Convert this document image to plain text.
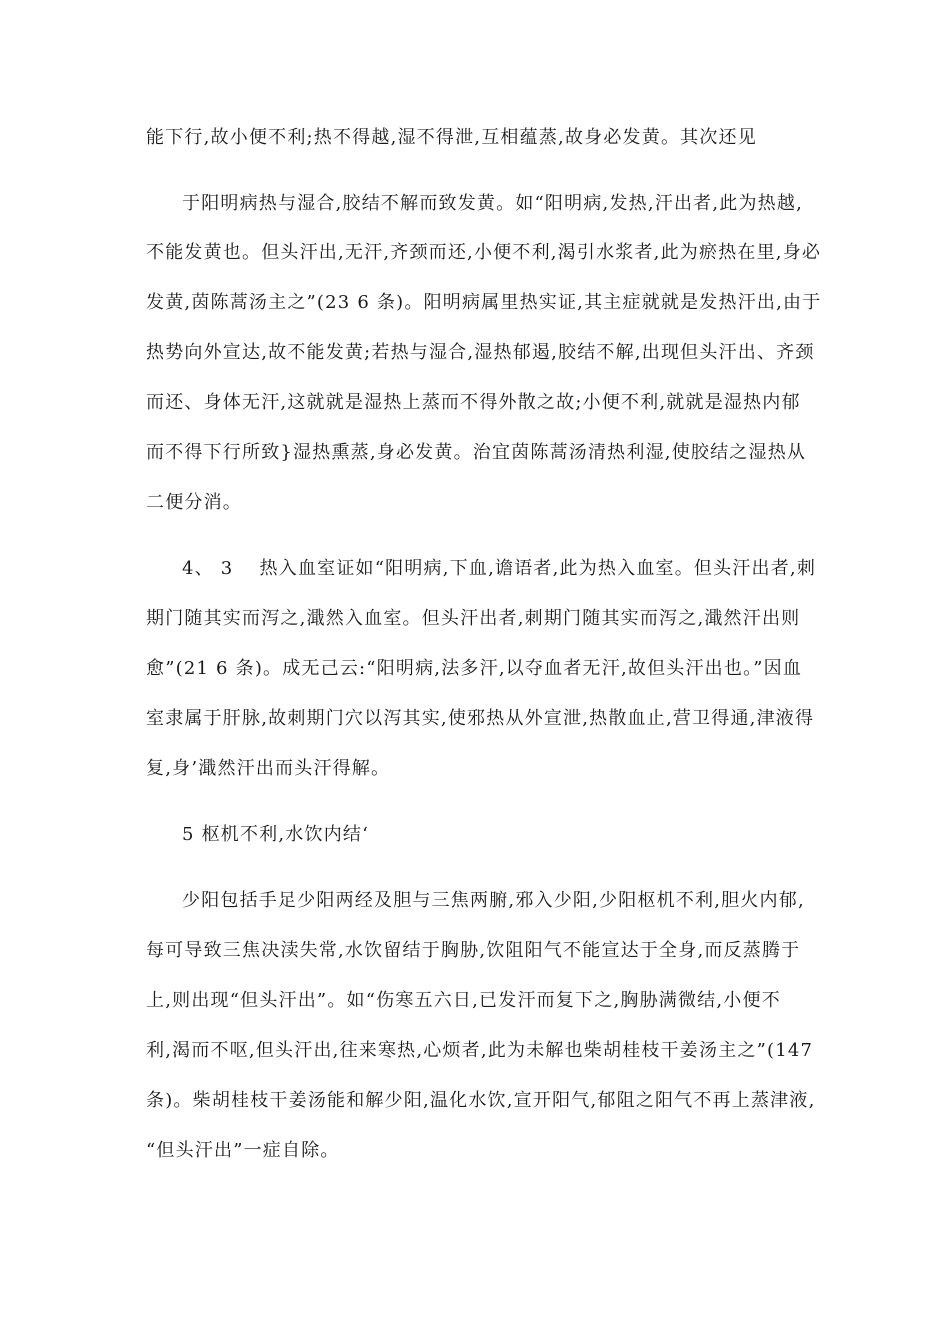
能下行,故小便不利;热不得越,湿不得泄,互相蕴蒸,故身必发黄。其次还见
于阳明病热与湿合,胶结不解而致发黄。如“阳明病,发热,汗出者,此为热越,
不能发黄也。但头汗出,无汗,齐颈而还,小便不利,渴引水浆者,此为瘀热在里,身必
发黄,茵陈蒿汤主之”(23 6 条)。阳明病属里热实证,其主症就就是发热汗出,由于
热势向外宣达,故不能发黄;若热与湿合,湿热郁遏,胶结不解,出现但头汗出、齐颈
而还、身体无汗,这就就是湿热上蒸而不得外散之故;小便不利,就就是湿热内郁
而不得下行所致}湿热熏蒸,身必发黄。治宜茵陈蒿汤清热利湿,使胶结之湿热从
二便分消。
4、 3　 热入血室证如“阳明病,下血,谵语者,此为热入血室。但头汗出者,刺
期门随其实而泻之,濈然入血室。但头汗出者,刺期门随其实而泻之,濈然汗出则
愈”(21 6 条)。成无己云:“阳明病,法多汗,以夺血者无汗,故但头汗出也。”因血
室隶属于肝脉,故刺期门穴以泻其实,使邪热从外宣泄,热散血止,营卫得通,津液得
复,身’濈然汗出而头汗得解。
5 枢机不利,水饮内结‘
少阳包括手足少阳两经及胆与三焦两腑,邪入少阳,少阳枢机不利,胆火内郁,
每可导致三焦决渎失常,水饮留结于胸胁,饮阻阳气不能宣达于全身,而反蒸腾于
上,则出现“但头汗出”。如“伤寒五六日,已发汗而复下之,胸胁满微结,小便不
利,渴而不呕,但头汗出,往来寒热,心烦者,此为未解也柴胡桂枝干姜汤主之”(147
条)。柴胡桂枝干姜汤能和解少阳,温化水饮,宣开阳气,郁阻之阳气不再上蒸津液,
“但头汗出”一症自除。
